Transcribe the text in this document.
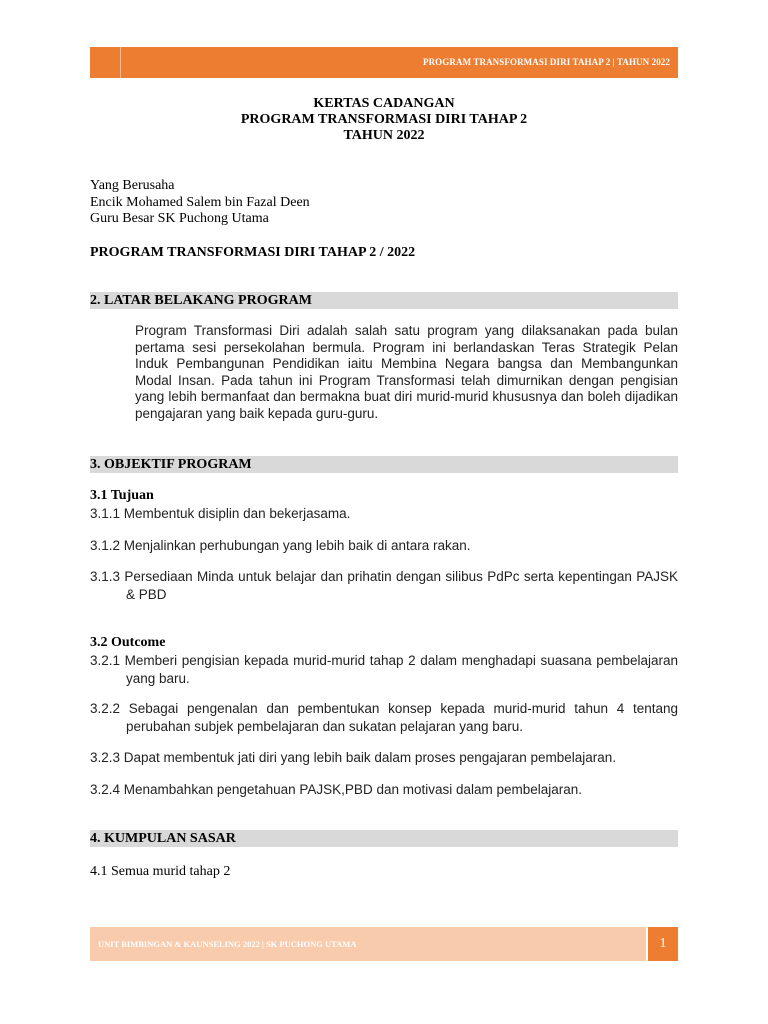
PROGRAM TRANSFORMASI DIRI TAHAP 2 | TAHUN 2022
KERTAS CADANGAN
PROGRAM TRANSFORMASI DIRI TAHAP 2
TAHUN 2022
Yang Berusaha
Encik Mohamed Salem bin Fazal Deen
Guru Besar SK Puchong Utama
PROGRAM TRANSFORMASI DIRI TAHAP 2 / 2022
2. LATAR BELAKANG PROGRAM
Program Transformasi Diri adalah salah satu program yang dilaksanakan pada bulan pertama sesi persekolahan bermula. Program ini berlandaskan Teras Strategik Pelan Induk Pembangunan Pendidikan iaitu Membina Negara bangsa dan Membangunkan Modal Insan. Pada tahun ini Program Transformasi telah dimurnikan dengan pengisian yang lebih bermanfaat dan bermakna buat diri murid-murid khususnya dan boleh dijadikan pengajaran yang baik kepada guru-guru.
3. OBJEKTIF PROGRAM
3.1 Tujuan
3.1.1 Membentuk disiplin dan bekerjasama.
3.1.2 Menjalinkan perhubungan yang lebih baik di antara rakan.
3.1.3 Persediaan Minda untuk belajar dan prihatin dengan silibus PdPc serta kepentingan PAJSK & PBD
3.2 Outcome
3.2.1 Memberi pengisian kepada murid-murid tahap 2 dalam menghadapi suasana pembelajaran yang baru.
3.2.2 Sebagai pengenalan dan pembentukan konsep kepada murid-murid tahun 4 tentang perubahan subjek pembelajaran dan sukatan pelajaran yang baru.
3.2.3 Dapat membentuk jati diri yang lebih baik dalam proses pengajaran pembelajaran.
3.2.4 Menambahkan pengetahuan PAJSK,PBD dan motivasi dalam pembelajaran.
4. KUMPULAN SASAR
4.1 Semua murid tahap 2
UNIT BIMBINGAN & KAUNSELING 2022 | SK PUCHONG UTAMA	1
